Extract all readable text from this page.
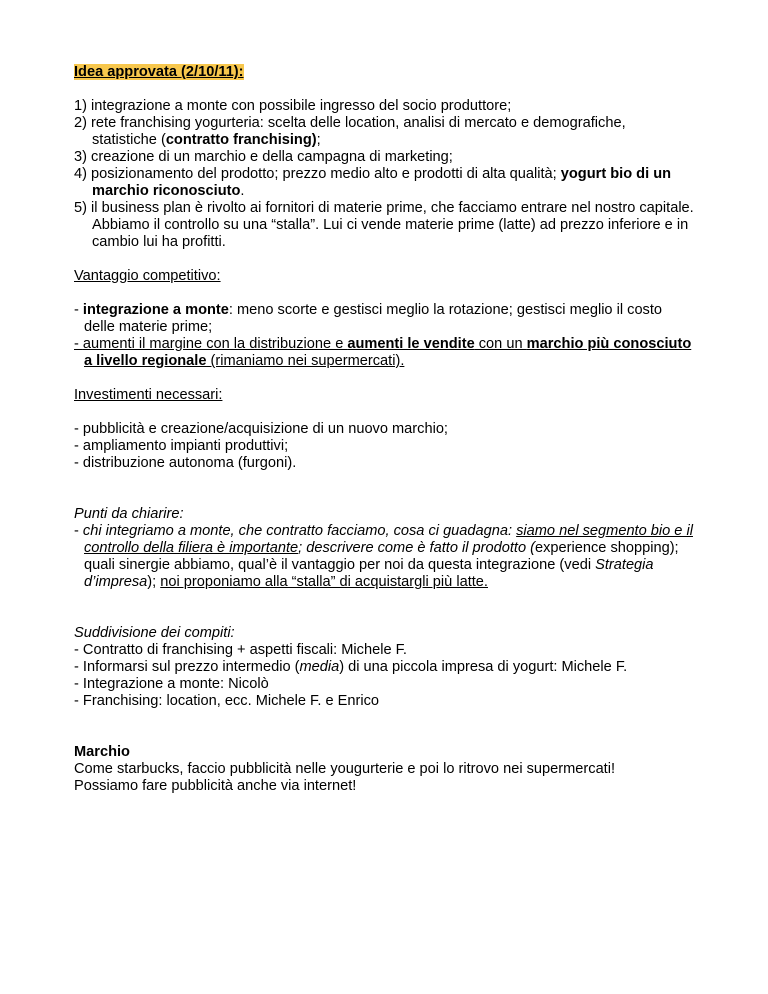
Idea approvata (2/10/11):

1) integrazione a monte con possibile ingresso del socio produttore;

2) rete franchising yogurteria: scelta delle location, analisi di mercato e demografiche, statistiche (contratto franchising);

3) creazione di un marchio e della campagna di marketing;

4) posizionamento del prodotto; prezzo medio alto e prodotti di alta qualità; yogurt bio di un marchio riconosciuto.

5) il business plan è rivolto ai fornitori di materie prime, che facciamo entrare nel nostro capitale. Abbiamo il controllo su una “stalla”. Lui ci vende materie prime (latte) ad prezzo inferiore e in cambio lui ha profitti.

Vantaggio competitivo:

- integrazione a monte: meno scorte e gestisci meglio la rotazione; gestisci meglio il costo delle materie prime;

- aumenti il margine con la distribuzione e aumenti le vendite con un marchio più conosciuto a livello regionale (rimaniamo nei supermercati).

Investimenti necessari:

- pubblicità e creazione/acquisizione di un nuovo marchio;

- ampliamento impianti produttivi;

- distribuzione autonoma (furgoni).

Punti da chiarire:

- chi integriamo a monte, che contratto facciamo, cosa ci guadagna: siamo nel segmento bio e il controllo della filiera è importante; descrivere come è fatto il prodotto (experience shopping); quali sinergie abbiamo, qual’è il vantaggio per noi da questa integrazione (vedi Strategia d’impresa); noi proponiamo alla “stalla” di acquistargli più latte.

Suddivisione dei compiti:

- Contratto di franchising + aspetti fiscali: Michele F.

- Informarsi sul prezzo intermedio (media) di una piccola impresa di yogurt: Michele F.

- Integrazione a monte: Nicolò

- Franchising: location, ecc. Michele F. e Enrico

Marchio

Come starbucks, faccio pubblicità nelle yougurterie e poi lo ritrovo nei supermercati!

Possiamo fare pubblicità anche via internet!
